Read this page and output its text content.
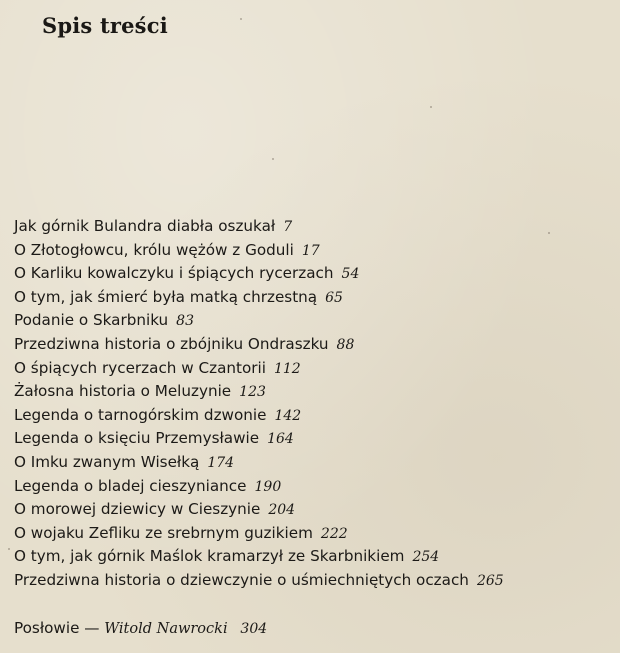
Spis treści
Jak górnik Bulandra diabła oszukał 7
O Złotogłowcu, królu wężów z Goduli 17
O Karliku kowalczyku i śpiących rycerzach 54
O tym, jak śmierć była matką chrzestną 65
Podanie o Skarbniku 83
Przedziwna historia o zbójniku Ondraszku 88
O śpiących rycerzach w Czantorii 112
Żałosna historia o Meluzynie 123
Legenda o tarnogórskim dzwonie 142
Legenda o księciu Przemysławie 164
O Imku zwanym Wisełką 174
Legenda o bladej cieszyniance 190
O morowej dziewicy w Cieszynie 204
O wojaku Zefliku ze srebrnym guzikiem 222
O tym, jak górnik Maślok kramarzył ze Skarbnikiem 254
Przedziwna historia o dziewczynie o uśmiechniętych oczach 265
Posłowie — Witold Nawrocki 304
